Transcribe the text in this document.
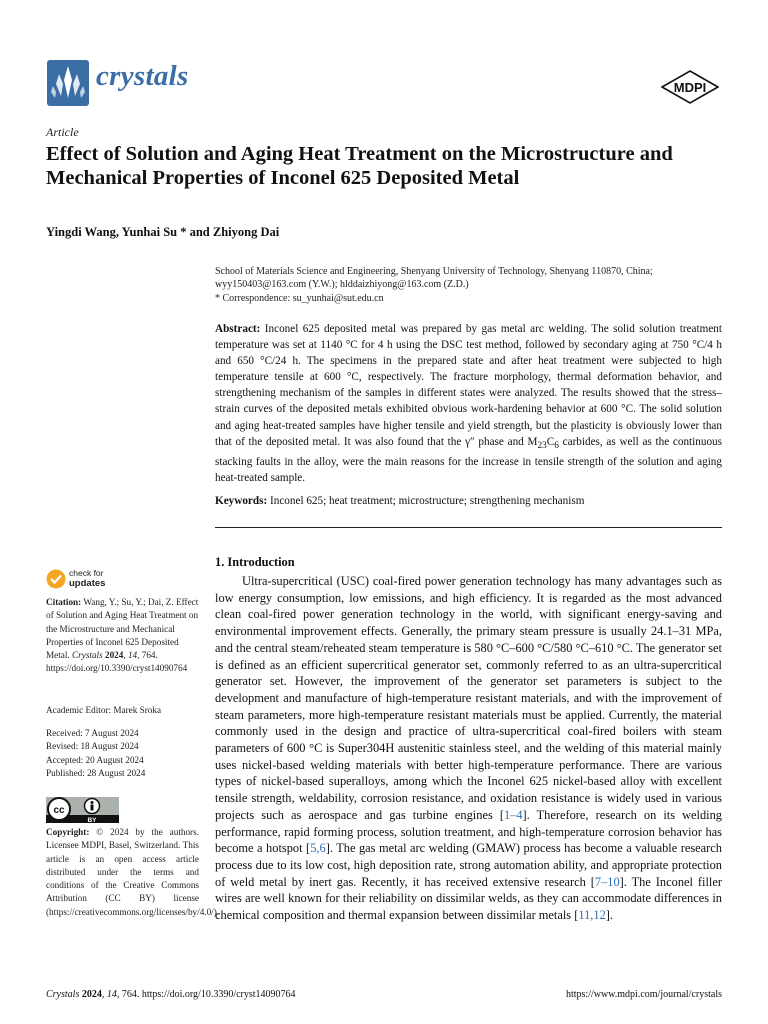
crystals	MDPI
Article
Effect of Solution and Aging Heat Treatment on the Microstructure and Mechanical Properties of Inconel 625 Deposited Metal
Yingdi Wang, Yunhai Su * and Zhiyong Dai
School of Materials Science and Engineering, Shenyang University of Technology, Shenyang 110870, China;
wyy150403@163.com (Y.W.); hlddaizhiyong@163.com (Z.D.)
* Correspondence: su_yunhai@sut.edu.cn
Abstract: Inconel 625 deposited metal was prepared by gas metal arc welding. The solid solution treatment temperature was set at 1140 °C for 4 h using the DSC test method, followed by secondary aging at 750 °C/4 h and 650 °C/24 h. The specimens in the prepared state and after heat treatment were subjected to high temperature tensile at 600 °C, respectively. The fracture morphology, thermal deformation behavior, and strengthening mechanism of the samples in different states were analyzed. The results showed that the stress–strain curves of the deposited metals exhibited obvious work-hardening behavior at 600 °C. The solid solution and aging heat-treated samples have higher tensile and yield strength, but the plasticity is obviously lower than that of the deposited metal. It was also found that the γ″ phase and $M_{23}C_6$ carbides, as well as the continuous stacking faults in the alloy, were the main reasons for the increase in tensile strength of the solution and aging heat-treated sample.
Keywords: Inconel 625; heat treatment; microstructure; strengthening mechanism
1. Introduction

Ultra-supercritical (USC) coal-fired power generation technology has many advantages such as low energy consumption, low emissions, and high efficiency. It is regarded as the most advanced clean coal-fired power generation technology in the world, with significant energy-saving and environmental improvement effects. Generally, the primary steam pressure is usually 24.1–31 MPa, and the central steam/reheated steam temperature is 580 °C–600 °C/580 °C–610 °C. The generator set is defined as an efficient supercritical generator set, commonly referred to as an ultra-supercritical generator set. However, the improvement of the generator set parameters is subject to the development and manufacture of high-temperature resistant materials, and with the improvement of steam parameters, more high-temperature resistant materials must be applied. Currently, the material commonly used in the design and practice of ultra-supercritical coal-fired boilers with steam parameters of 600 °C is Super304H austenitic stainless steel, and the welding of this material mainly uses nickel-based welding materials with better high-temperature performance. There are various types of nickel-based superalloys, among which the Inconel 625 nickel-based alloy with excellent tensile strength, weldability, corrosion resistance, and oxidation resistance is widely used in various projects such as aerospace and gas turbine engines [1–4]. Therefore, research on its welding performance, rapid forming process, solution treatment, and high-temperature corrosion behavior has become a hotspot [5,6]. The gas metal arc welding (GMAW) process has become a valuable research process due to its low cost, high deposition rate, strong automation ability, and appropriate protection of weld metal by inert gas. Recently, it has received extensive research [7–10]. The Inconel filler wires are well known for their reliability on dissimilar welds, as they can accommodate differences in chemical composition and thermal expansion between dissimilar metals [11,12].

check for
updates
Citation: Wang, Y.; Su, Y.; Dai, Z. Effect of Solution and Aging Heat Treatment on the Microstructure and Mechanical Properties of Inconel 625 Deposited Metal. Crystals 2024, 14, 764. https://doi.org/10.3390/cryst14090764
Academic Editor: Marek Sroka
Received: 7 August 2024
Revised: 18 August 2024
Accepted: 20 August 2024
Published: 28 August 2024
cc
BY
Copyright: © 2024 by the authors. Licensee MDPI, Basel, Switzerland. This article is an open access article distributed under the terms and conditions of the Creative Commons Attribution (CC BY) license (https://creativecommons.org/licenses/by/4.0/).
Crystals 2024, 14, 764. https://doi.org/10.3390/cryst14090764	https://www.mdpi.com/journal/crystals
